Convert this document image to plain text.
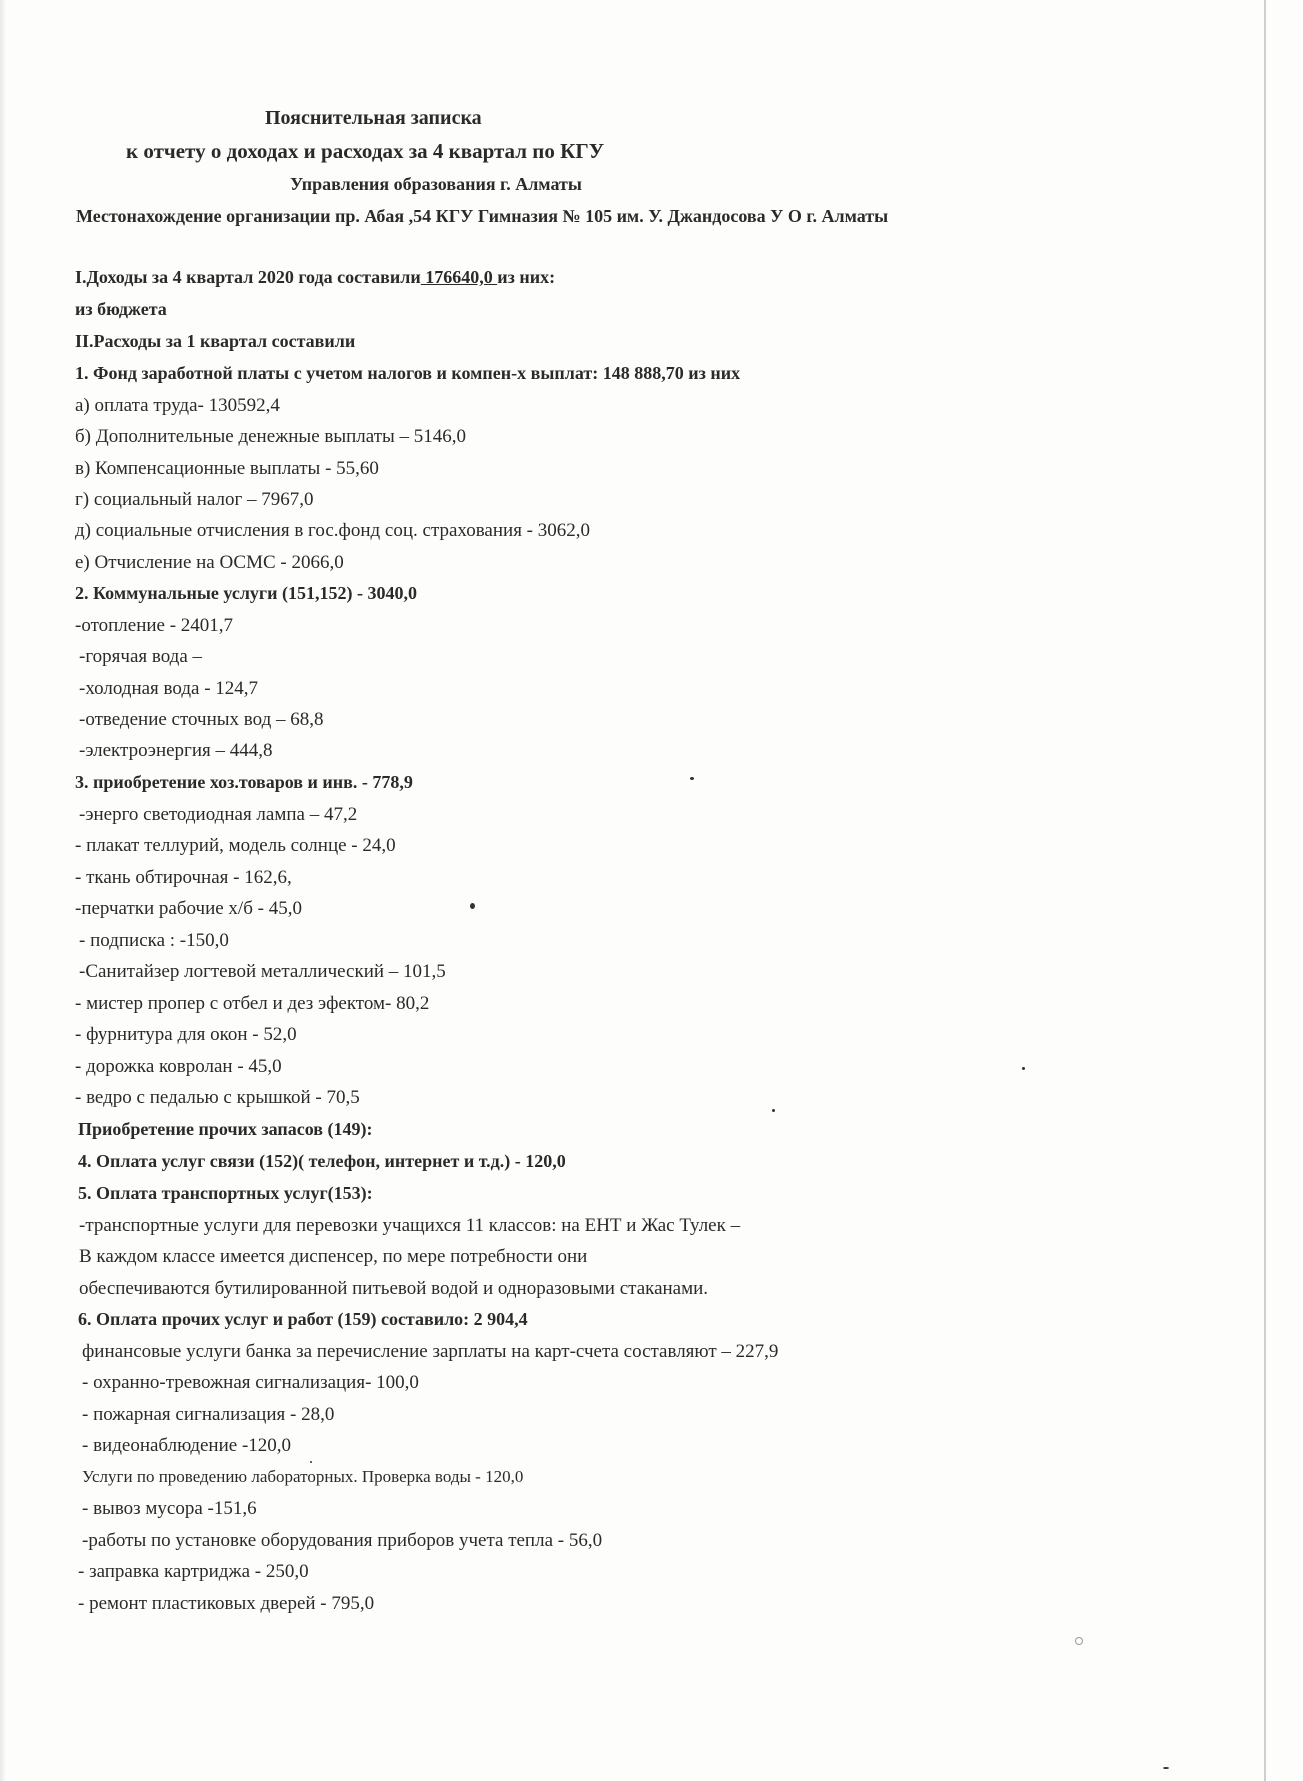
Пояснительная записка
к отчету о доходах и расходах за 4 квартал по КГУ
Управления образования г. Алматы
Местонахождение организации пр. Абая ,54 КГУ Гимназия № 105 им. У. Джандосова У О г. Алматы
I.Доходы за 4 квартал 2020 года составили 176640,0 из них:
из бюджета
II.Расходы за 1 квартал составили
1. Фонд заработной платы с учетом налогов и компен-х выплат: 148 888,70 из них
а) оплата труда- 130592,4
б) Дополнительные денежные выплаты – 5146,0
в) Компенсационные выплаты - 55,60
г) социальный налог – 7967,0
д) социальные отчисления в гос.фонд соц. страхования - 3062,0
е) Отчисление на ОСМС - 2066,0
2. Коммунальные услуги (151,152) - 3040,0
-отопление - 2401,7
-горячая вода –
-холодная вода - 124,7
-отведение сточных вод – 68,8
-электроэнергия – 444,8
3. приобретение хоз.товаров и инв. - 778,9
-энерго светодиодная лампа – 47,2
- плакат теллурий, модель солнце - 24,0
- ткань обтирочная - 162,6,
-перчатки рабочие х/б - 45,0
- подписка : -150,0
-Санитайзер логтевой металлический – 101,5
- мистер пропер с отбел и дез эфектом- 80,2
- фурнитура для окон - 52,0
- дорожка ковролан - 45,0
- ведро с педалью с крышкой - 70,5
Приобретение прочих запасов (149):
4. Оплата услуг связи (152)( телефон, интернет и т.д.) - 120,0
5. Оплата транспортных услуг(153):
-транспортные услуги для перевозки учащихся 11 классов: на ЕНТ и Жас Тулек –
В каждом классе имеется диспенсер, по мере потребности они
обеспечиваются бутилированной питьевой водой и одноразовыми стаканами.
6. Оплата прочих услуг и работ (159) составило: 2 904,4
финансовые услуги банка за перечисление зарплаты на карт-счета составляют – 227,9
- охранно-тревожная сигнализация- 100,0
- пожарная сигнализация - 28,0
- видеонаблюдение -120,0
Услуги по проведению лабораторных. Проверка воды - 120,0
- вывоз мусора -151,6
-работы по установке оборудования приборов учета тепла - 56,0
- заправка картриджа - 250,0
- ремонт пластиковых дверей - 795,0
